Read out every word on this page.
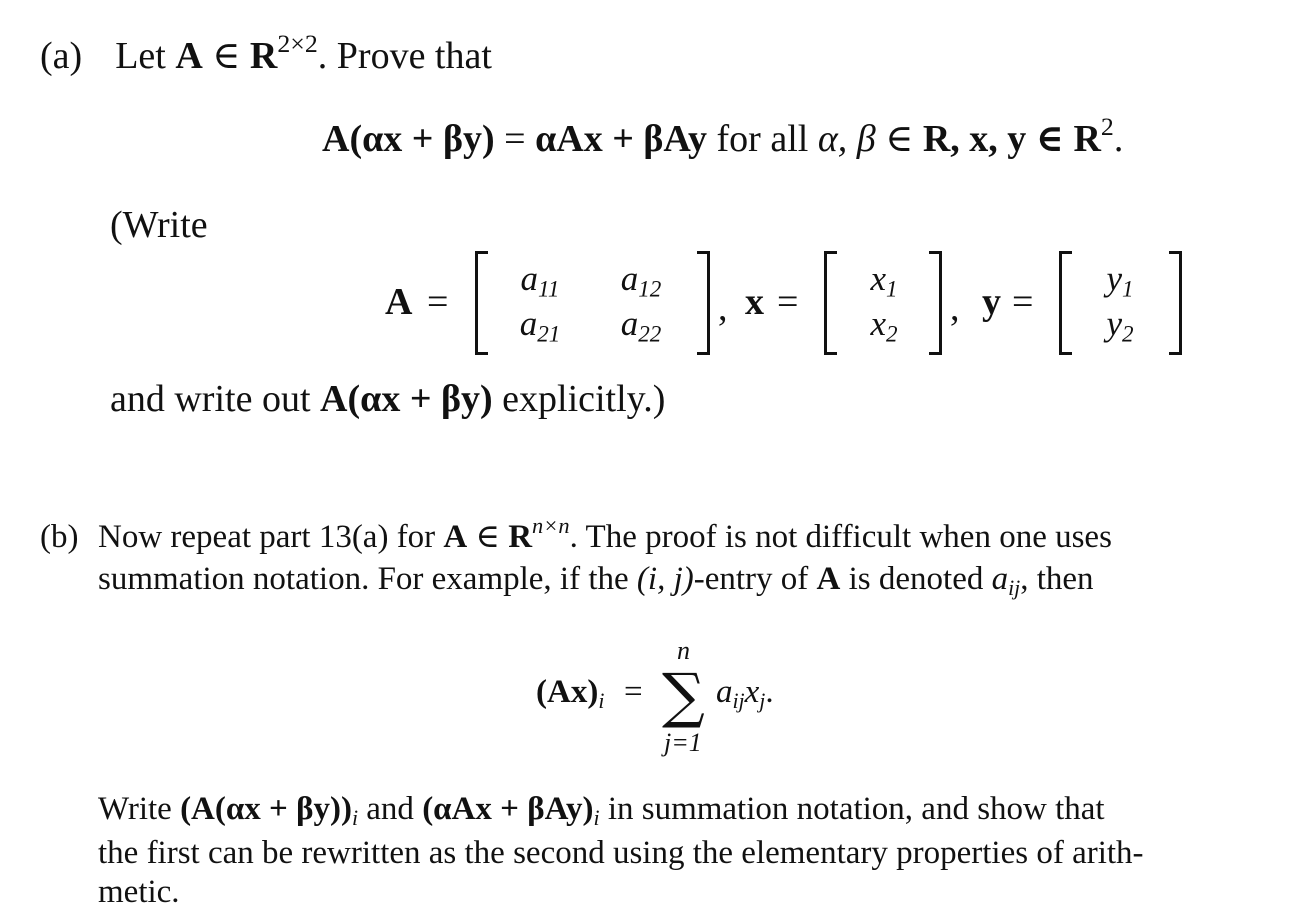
(a) Let A ∈ $R^{2\times 2}$. Prove that
A(αx + βy) = αAx + βAy for all α, β ∈ R, x, y ∈ $R^2$.
(Write
A =
$a_{11}$	$a_{12}$
$a_{21}$	$a_{22}$
, x =
$x_1$
$x_2$
, y =
$y_1$
$y_2$
and write out A(αx + βy) explicitly.)
(b) Now repeat part 13(a) for A ∈ $R^{n\times n}$. The proof is not difficult when one uses
summation notation. For example, if the (i, j)-entry of A is denoted $a_{ij}$, then
$(Ax)_i$ =
n
∑
j=1
$a_{ij}x_j$.
Write $(A(\alpha x + \beta y))_i$ and $(\alpha Ax + \beta Ay)_i$ in summation notation, and show that
the first can be rewritten as the second using the elementary properties of arith-
metic.
